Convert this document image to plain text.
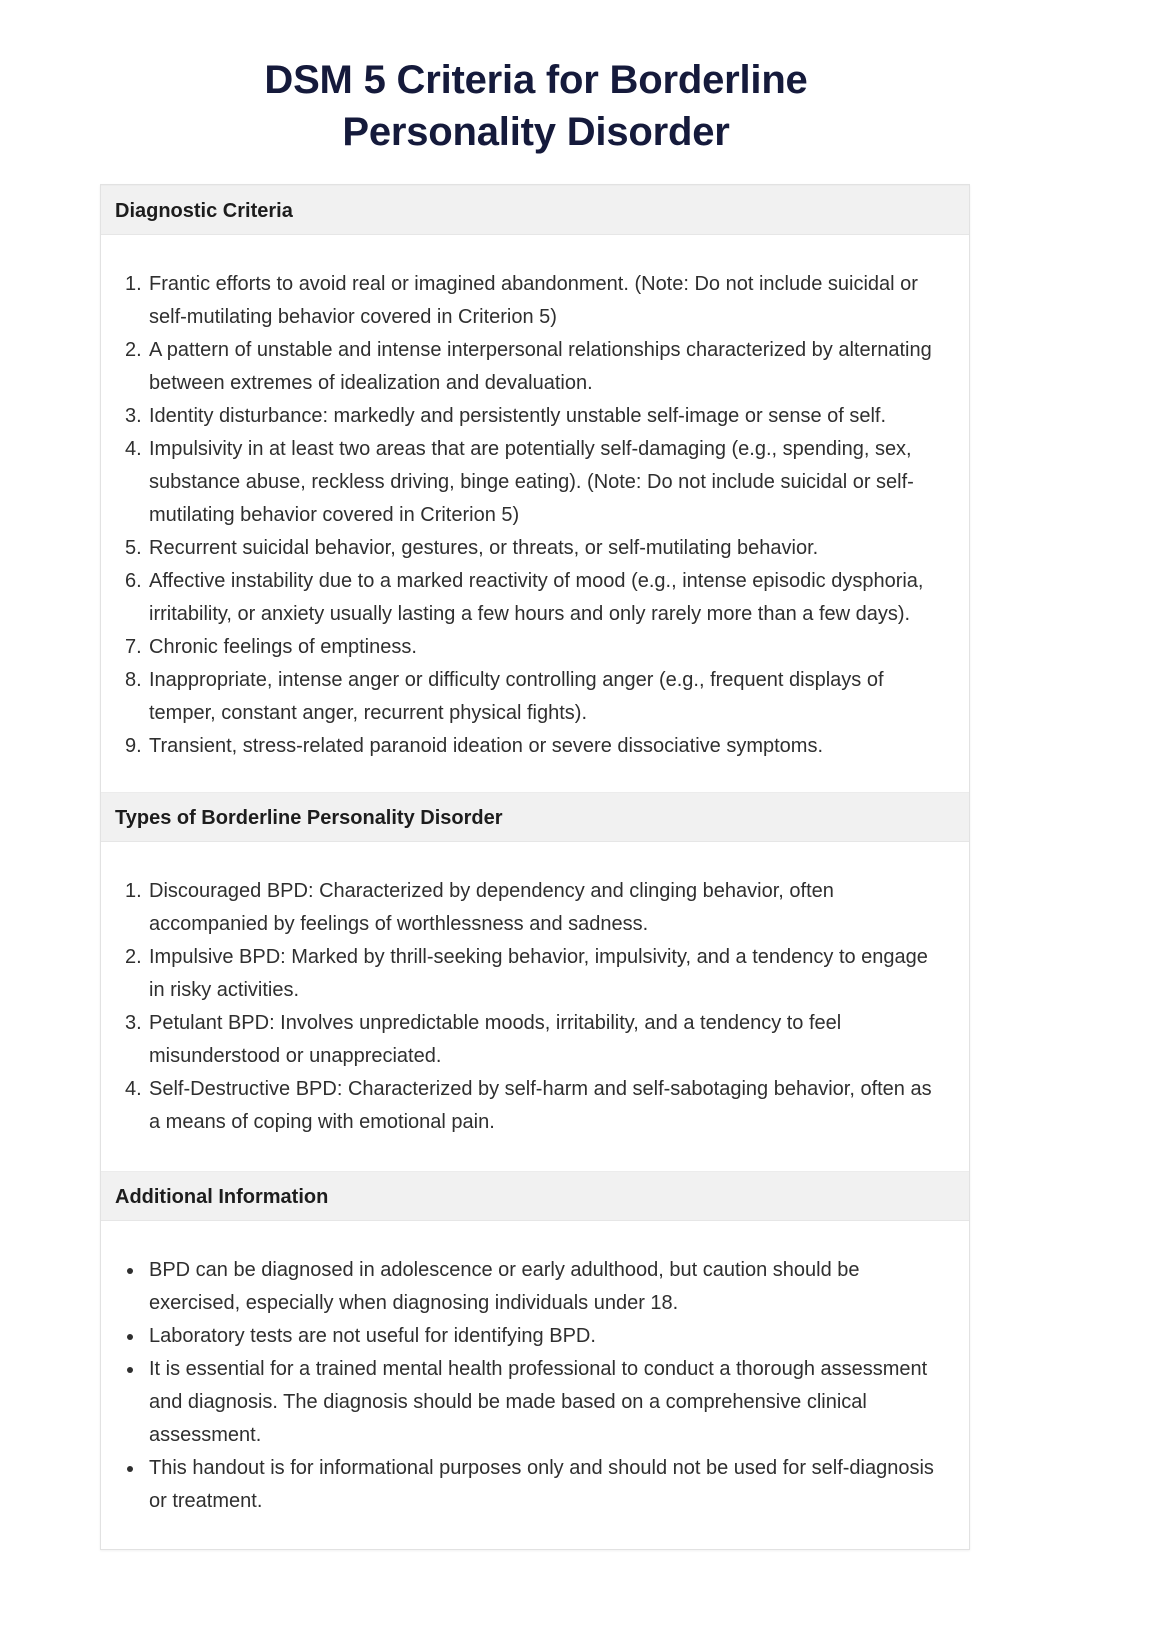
DSM 5 Criteria for Borderline
Personality Disorder
Diagnostic Criteria
1. Frantic efforts to avoid real or imagined abandonment. (Note: Do not include suicidal or self-mutilating behavior covered in Criterion 5)
2. A pattern of unstable and intense interpersonal relationships characterized by alternating between extremes of idealization and devaluation.
3. Identity disturbance: markedly and persistently unstable self-image or sense of self.
4. Impulsivity in at least two areas that are potentially self-damaging (e.g., spending, sex, substance abuse, reckless driving, binge eating). (Note: Do not include suicidal or self-mutilating behavior covered in Criterion 5)
5. Recurrent suicidal behavior, gestures, or threats, or self-mutilating behavior.
6. Affective instability due to a marked reactivity of mood (e.g., intense episodic dysphoria, irritability, or anxiety usually lasting a few hours and only rarely more than a few days).
7. Chronic feelings of emptiness.
8. Inappropriate, intense anger or difficulty controlling anger (e.g., frequent displays of temper, constant anger, recurrent physical fights).
9. Transient, stress-related paranoid ideation or severe dissociative symptoms.
Types of Borderline Personality Disorder
1. Discouraged BPD: Characterized by dependency and clinging behavior, often accompanied by feelings of worthlessness and sadness.
2. Impulsive BPD: Marked by thrill-seeking behavior, impulsivity, and a tendency to engage in risky activities.
3. Petulant BPD: Involves unpredictable moods, irritability, and a tendency to feel misunderstood or unappreciated.
4. Self-Destructive BPD: Characterized by self-harm and self-sabotaging behavior, often as a means of coping with emotional pain.
Additional Information
BPD can be diagnosed in adolescence or early adulthood, but caution should be exercised, especially when diagnosing individuals under 18.
Laboratory tests are not useful for identifying BPD.
It is essential for a trained mental health professional to conduct a thorough assessment and diagnosis. The diagnosis should be made based on a comprehensive clinical assessment.
This handout is for informational purposes only and should not be used for self-diagnosis or treatment.
